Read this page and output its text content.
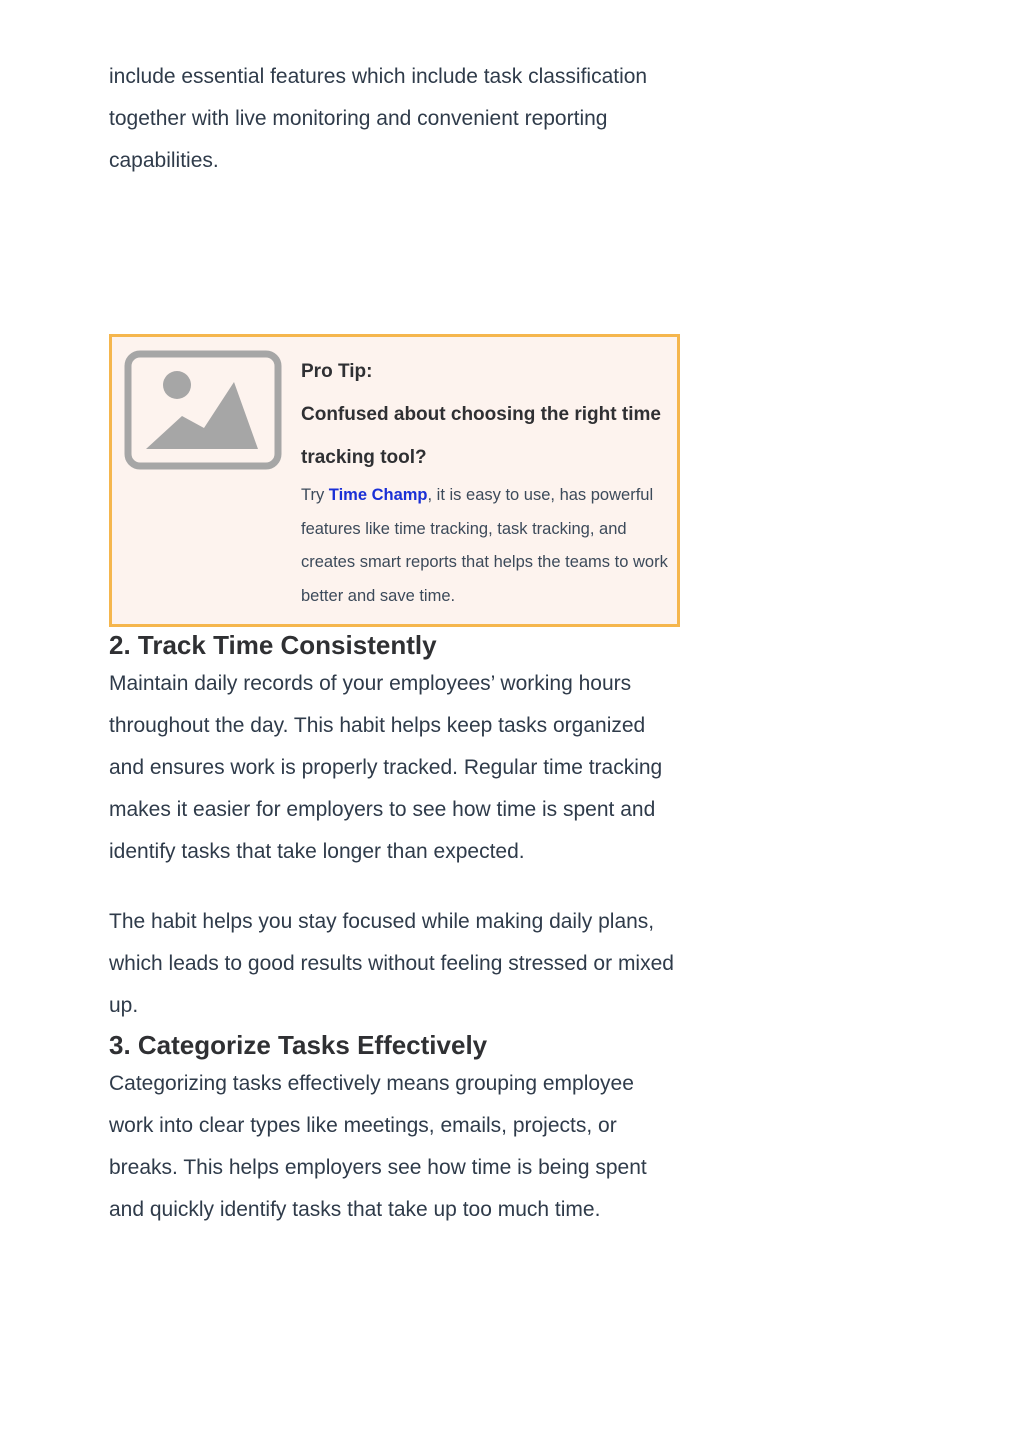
include essential features which include task classification together with live monitoring and convenient reporting capabilities.

Pro Tip:

Confused about choosing the right time tracking tool?

Try Time Champ, it is easy to use, has powerful features like time tracking, task tracking, and creates smart reports that helps the teams to work better and save time.

2. Track Time Consistently

Maintain daily records of your employees’ working hours throughout the day. This habit helps keep tasks organized and ensures work is properly tracked. Regular time tracking makes it easier for employers to see how time is spent and identify tasks that take longer than expected.

The habit helps you stay focused while making daily plans, which leads to good results without feeling stressed or mixed up.

3. Categorize Tasks Effectively

Categorizing tasks effectively means grouping employee work into clear types like meetings, emails, projects, or breaks. This helps employers see how time is being spent and quickly identify tasks that take up too much time.
